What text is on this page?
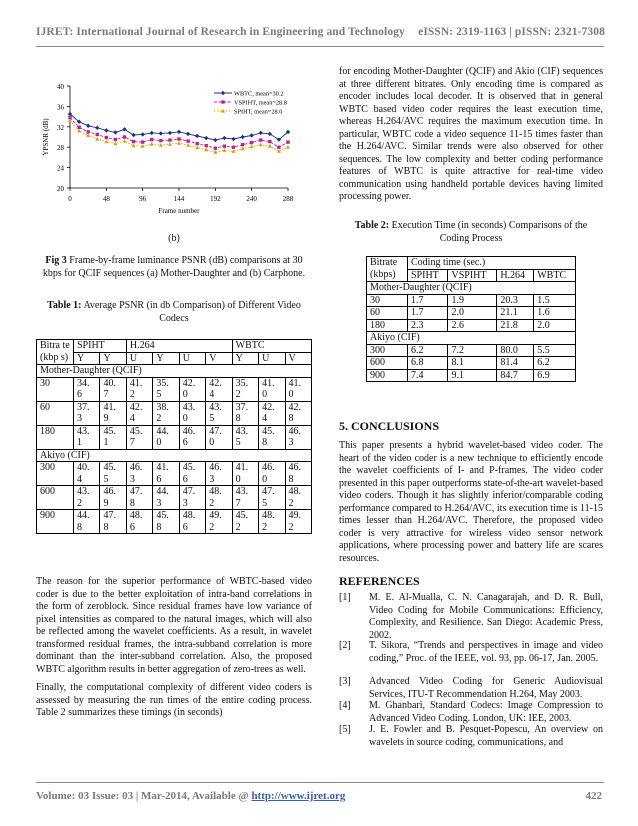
IJRET: International Journal of Research in Engineering and Technology eISSN: 2319-1163 | pISSN: 2321-7308
20
24
28
32
36
40
0	48	96	144	192	240	288
Frame number
YPSNR (dB)
WBTC, mean=30.2
VSPIHT, mean=28.8
SPIHT, mean=28.0
(b)
Fig 3 Frame-by-frame luminance PSNR (dB) comparisons at 30 kbps for QCIF sequences (a) Mother-Daughter and (b) Carphone.
Table 1: Average PSNR (in db Comparison) of Different Video Codecs
Bitra te (kbp s)	SPIHT		H.264				WBTC		
	Y	Y	U	Y	U	V	Y	U	V
Mother-Daughter (QCIF)									
30	34. 6	40. 7	41. 2	35. 5	42. 0	42. 4	35. 2	41. 0	41. 0
60	37. 3	41. 9	42. 4	38. 2	43. 0	43. 5	37. 8	42. 4	42. 8
180	43. 1	45. 1	45. 7	44. 0	46. 6	47. 0	43. 5	45. 8	46. 3
Akiyo (CIF)									
300	40. 4	45. 5	46. 3	41. 6	45. 6	46. 3	41. 0	46. 0	46. 8
600	43. 2	46. 9	47. 8	44. 3	47. 3	48. 2	43. 7	47. 5	48. 2
900	44. 8	47. 8	48. 6	45. 8	48. 6	49. 2	45. 2	48. 2	49. 2
The reason for the superior performance of WBTC-based video coder is due to the better exploitation of intra-band correlations in the form of zeroblock. Since residual frames have low variance of pixel intensities as compared to the natural images, which will also be reflected among the wavelet coefficients. As a result, in wavelet transformed residual frames, the intra-subband correlation is more dominant than the inter-subband correlation. Also, the proposed WBTC algorithm results in better aggregation of zero-trees as well.
Finally, the computational complexity of different video coders is assessed by measuring the run times of the entire coding process. Table 2 summarizes these timings (in seconds)
for encoding Mother-Daughter (QCIF) and Akio (CIF) sequences at three different bitrates. Only encoding time is compared as encoder includes local decoder. It is observed that in general WBTC based video coder requires the least execution time, whereas H.264/AVC requires the maximum execution time. In particular, WBTC code a video sequence 11-15 times faster than the H.264/AVC. Similar trends were also observed for other sequences. The low complexity and better coding performance features of WBTC is quite attractive for real-time video communication using handheld portable devices having limited processing power.
Table 2: Execution Time (in seconds) Comparisons of the Coding Process
Bitrate (kbps)	Coding time (sec.)			
	SPIHT	VSPIHT	H.264	WBTC
Mother-Daughter (QCIF)				
30	1.7	1.9	20.3	1.5
60	1.7	2.0	21.1	1.6
180	2.3	2.6	21.8	2.0
Akiyo (CIF)				
300	6.2	7.2	80.0	5.5
600	6.8	8.1	81.4	6.2
900	7.4	9.1	84.7	6.9
5. CONCLUSIONS
This paper presents a hybrid wavelet-based video coder. The heart of the video coder is a new technique to efficiently encode the wavelet coefficients of I- and P-frames. The video coder presented in this paper outperforms state-of-the-art wavelet-based video coders. Though it has slightly inferior/comparable coding performance compared to H.264/AVC, its execution time is 11-15 times lesser than H.264/AVC. Therefore, the proposed video coder is very attractive for wireless video sensor network applications, where processing power and battery life are scares resources.
REFERENCES
[1] M. E. Al-Mualla, C. N. Canagarajah, and D. R. Bull, Video Coding for Mobile Communications: Efficiency, Complexity, and Resilience. San Diego: Academic Press, 2002.
[2] T. Sikora, “Trends and perspectives in image and video coding,” Proc. of the IEEE, vol. 93, pp. 06-17, Jan. 2005.
[3] Advanced Video Coding for Generic Audiovisual Services, ITU-T Recommendation H.264, May 2003.
[4] M. Ghanbari, Standard Codecs: Image Compression to Advanced Video Coding. London, UK: IEE, 2003.
[5] J. E. Fowler and B. Pesquet-Popescu, An overview on wavelets in source coding, communications, and
Volume: 03 Issue: 03 | Mar-2014, Available @ http://www.ijret.org	422
